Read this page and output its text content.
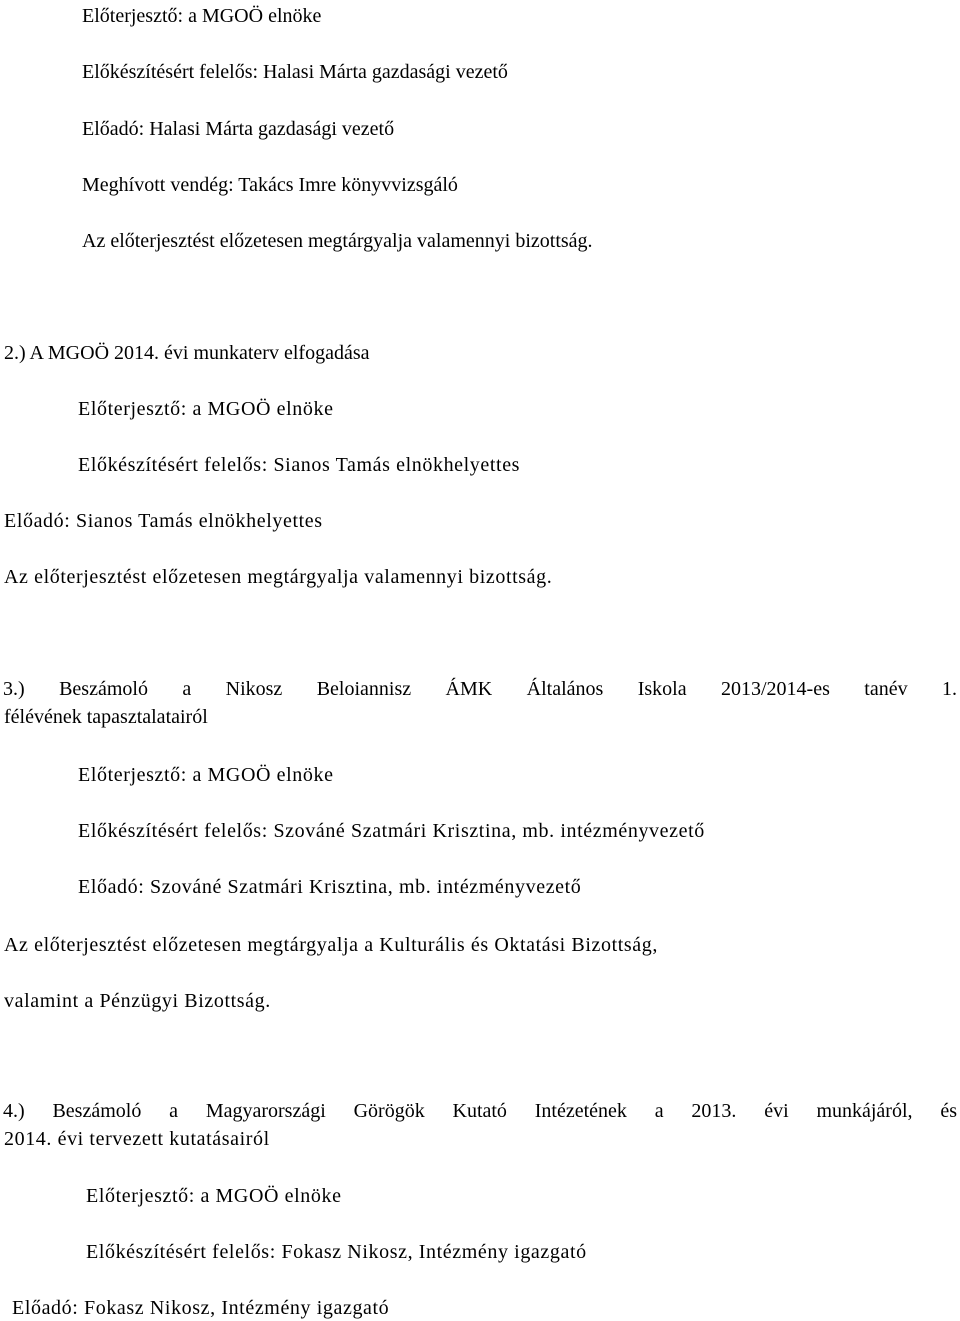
Előterjesztő: a MGOÖ elnöke
Előkészítésért felelős: Halasi Márta gazdasági vezető
Előadó: Halasi Márta gazdasági vezető
Meghívott vendég: Takács Imre könyvvizsgáló
Az előterjesztést előzetesen megtárgyalja valamennyi bizottság.
2.) A MGOÖ 2014. évi munkaterv elfogadása
Előterjesztő: a MGOÖ elnöke
Előkészítésért felelős: Sianos Tamás elnökhelyettes
Előadó: Sianos Tamás elnökhelyettes
Az előterjesztést előzetesen megtárgyalja valamennyi bizottság.
3.) Beszámoló a Nikosz Beloiannisz ÁMK Általános Iskola 2013/2014-es tanév 1.
félévének tapasztalatairól
Előterjesztő: a MGOÖ elnöke
Előkészítésért felelős: Szováné Szatmári Krisztina, mb. intézményvezető
Előadó: Szováné Szatmári Krisztina, mb. intézményvezető
Az előterjesztést előzetesen megtárgyalja a Kulturális és Oktatási Bizottság,
valamint a Pénzügyi Bizottság.
4.) Beszámoló a Magyarországi Görögök Kutató Intézetének a 2013. évi munkájáról, és
2014. évi tervezett kutatásairól
Előterjesztő: a MGOÖ elnöke
Előkészítésért felelős: Fokasz Nikosz, Intézmény igazgató
Előadó: Fokasz Nikosz, Intézmény igazgató
